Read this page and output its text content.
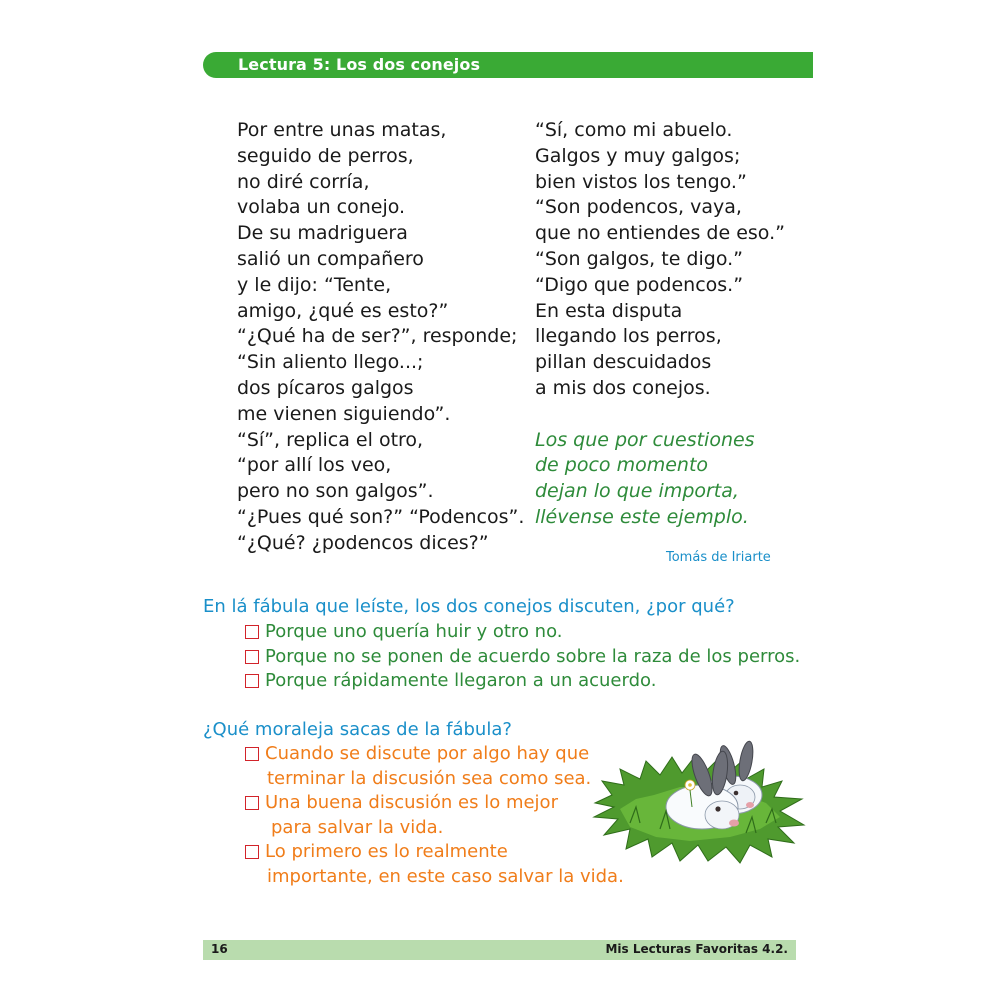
Lectura 5: Los dos conejos
Por entre unas matas,
seguido de perros,
no diré corría,
volaba un conejo.
De su madriguera
salió un compañero
y le dijo: “Tente,
amigo, ¿qué es esto?”
“¿Qué ha de ser?”, responde;
“Sin aliento llego...;
dos pícaros galgos
me vienen siguiendo”.
“Sí”, replica el otro,
“por allí los veo,
pero no son galgos”.
“¿Pues qué son?” “Podencos”.
“¿Qué? ¿podencos dices?”
“Sí, como mi abuelo.
Galgos y muy galgos;
bien vistos los tengo.”
“Son podencos, vaya,
que no entiendes de eso.”
“Son galgos, te digo.”
“Digo que podencos.”
En esta disputa
llegando los perros,
pillan descuidados
a mis dos conejos.
Los que por cuestiones
de poco momento
dejan lo que importa,
llévense este ejemplo.
Tomás de Iriarte
En lá fábula que leíste, los dos conejos discuten, ¿por qué?
Porque uno quería huir y otro no.
Porque no se ponen de acuerdo sobre la raza de los perros.
Porque rápidamente llegaron a un acuerdo.
¿Qué moraleja sacas de la fábula?
Cuando se discute por algo hay que
terminar la discusión sea como sea.
Una buena discusión es lo mejor
para salvar la vida.
Lo primero es lo realmente
importante, en este caso salvar la vida.
16	Mis Lecturas Favoritas 4.2.
